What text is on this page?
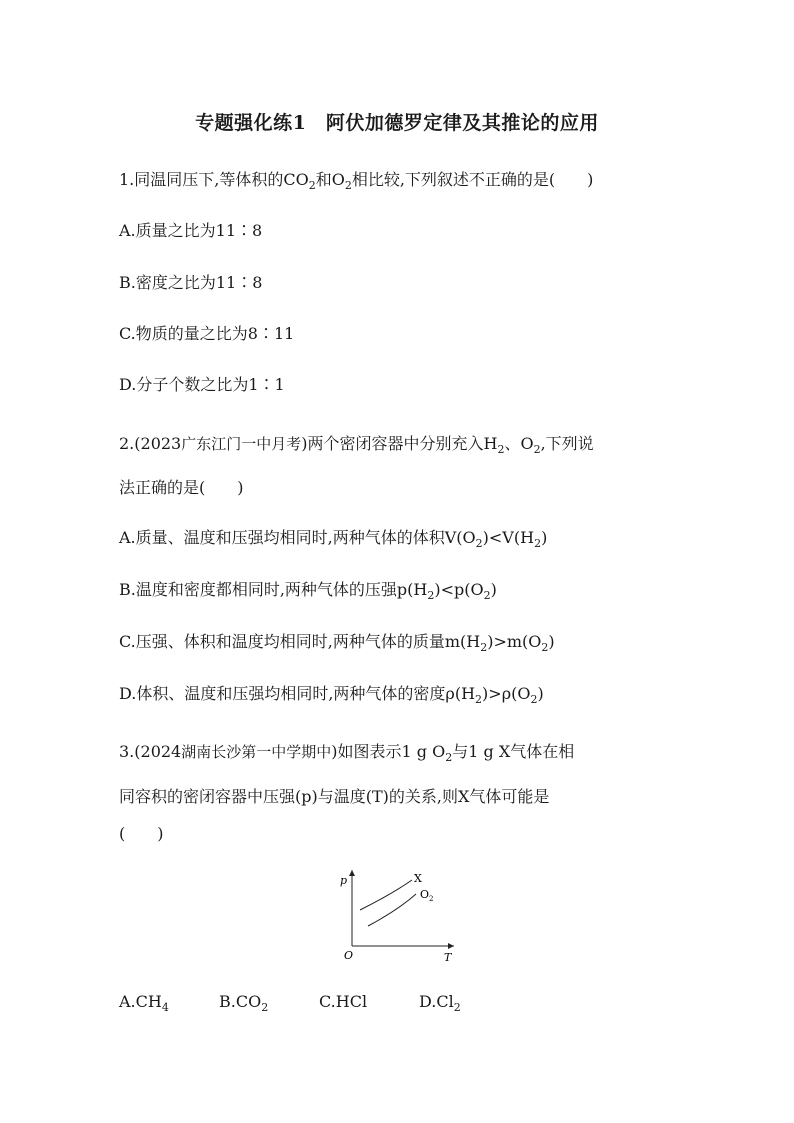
专题强化练1　阿伏加德罗定律及其推论的应用
1.同温同压下,等体积的$CO_2$和$O_2$相比较,下列叙述不正确的是(　　)
A.质量之比为11∶8
B.密度之比为11∶8
C.物质的量之比为8∶11
D.分子个数之比为1∶1
2.(2023广东江门一中月考)两个密闭容器中分别充入$H_2$、$O_2$,下列说
法正确的是(　　)
A.质量、温度和压强均相同时,两种气体的体积$V(O_2)<V(H_2)$
B.温度和密度都相同时,两种气体的压强$p(H_2)<p(O_2)$
C.压强、体积和温度均相同时,两种气体的质量$m(H_2)>m(O_2)$
D.体积、温度和压强均相同时,两种气体的密度$\rho(H_2)>\rho(O_2)$
3.(2024湖南长沙第一中学期中)如图表示1 g $O_2$与1 g X气体在相
同容积的密闭容器中压强(p)与温度(T)的关系,则X气体可能是
(　　)
p
T
O
X
$O_2$
$A.CH_4$	$B.CO_2$	C.HCl	$D.Cl_2$
